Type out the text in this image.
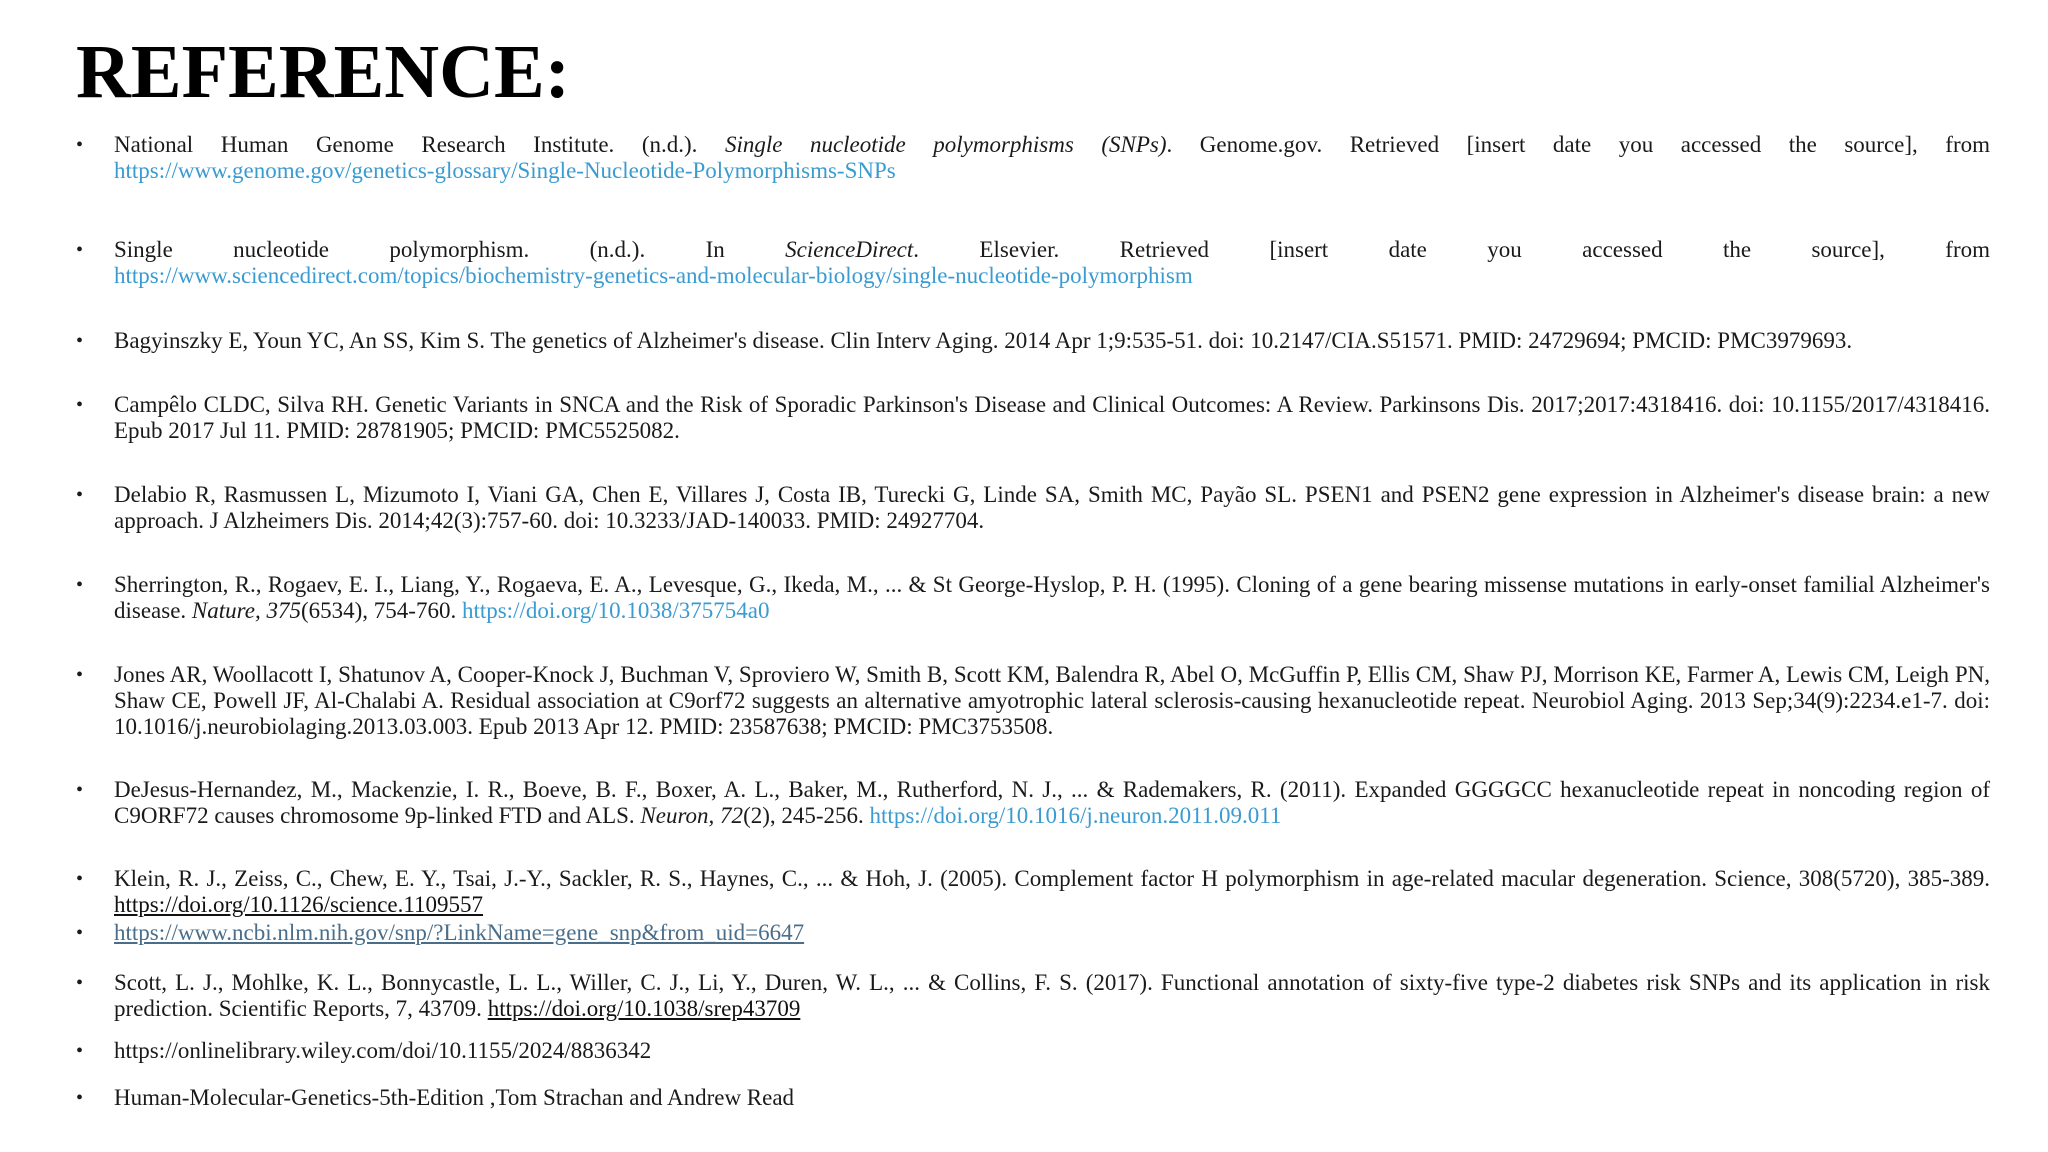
REFERENCE:
• National Human Genome Research Institute. (n.d.). Single nucleotide polymorphisms (SNPs). Genome.gov. Retrieved [insert date you accessed the source], from
https://www.genome.gov/genetics-glossary/Single-Nucleotide-Polymorphisms-SNPs
• Single nucleotide polymorphism. (n.d.). In	ScienceDirect. Elsevier. Retrieved [insert date you accessed the source], from
https://www.sciencedirect.com/topics/biochemistry-genetics-and-molecular-biology/single-nucleotide-polymorphism
• Bagyinszky E, Youn YC, An SS, Kim S. The genetics of Alzheimer's disease. Clin Interv Aging. 2014 Apr 1;9:535-51. doi: 10.2147/CIA.S51571. PMID: 24729694; PMCID: PMC3979693.
• Campêlo CLDC, Silva RH. Genetic Variants in SNCA and the Risk of Sporadic Parkinson's Disease and Clinical Outcomes: A Review. Parkinsons Dis. 2017;2017:4318416. doi: 10.1155/2017/4318416. Epub 2017 Jul 11. PMID: 28781905; PMCID: PMC5525082.
• Delabio R, Rasmussen L, Mizumoto I, Viani GA, Chen E, Villares J, Costa IB, Turecki G, Linde SA, Smith MC, Payão SL. PSEN1 and PSEN2 gene expression in Alzheimer's disease brain: a new approach. J Alzheimers Dis. 2014;42(3):757-60. doi: 10.3233/JAD-140033. PMID: 24927704.
• Sherrington, R., Rogaev, E. I., Liang, Y., Rogaeva, E. A., Levesque, G., Ikeda, M., ... & St George-Hyslop, P. H. (1995). Cloning of a gene bearing missense mutations in early-onset familial Alzheimer's disease. Nature, 375(6534), 754-760. https://doi.org/10.1038/375754a0
• Jones AR, Woollacott I, Shatunov A, Cooper-Knock J, Buchman V, Sproviero W, Smith B, Scott KM, Balendra R, Abel O, McGuffin P, Ellis CM, Shaw PJ, Morrison KE, Farmer A, Lewis CM, Leigh PN, Shaw CE, Powell JF, Al-Chalabi A. Residual association at C9orf72 suggests an alternative amyotrophic lateral sclerosis-causing hexanucleotide repeat. Neurobiol Aging. 2013 Sep;34(9):2234.e1-7. doi: 10.1016/j.neurobiolaging.2013.03.003. Epub 2013 Apr 12. PMID: 23587638; PMCID: PMC3753508.
• DeJesus-Hernandez, M., Mackenzie, I. R., Boeve, B. F., Boxer, A. L., Baker, M., Rutherford, N. J., ... & Rademakers, R. (2011). Expanded GGGGCC hexanucleotide repeat in noncoding region of C9ORF72 causes chromosome 9p-linked FTD and ALS. Neuron, 72(2), 245-256. https://doi.org/10.1016/j.neuron.2011.09.011
• Klein, R. J., Zeiss, C., Chew, E. Y., Tsai, J.-Y., Sackler, R. S., Haynes, C., ... & Hoh, J. (2005). Complement factor H polymorphism in age-related macular degeneration. Science, 308(5720), 385-389. https://doi.org/10.1126/science.1109557
• https://www.ncbi.nlm.nih.gov/snp/?LinkName=gene_snp&from_uid=6647
• Scott, L. J., Mohlke, K. L., Bonnycastle, L. L., Willer, C. J., Li, Y., Duren, W. L., ... & Collins, F. S. (2017). Functional annotation of sixty-five type-2 diabetes risk SNPs and its application in risk prediction. Scientific Reports, 7, 43709. https://doi.org/10.1038/srep43709
• https://onlinelibrary.wiley.com/doi/10.1155/2024/8836342
• Human-Molecular-Genetics-5th-Edition ,Tom Strachan and Andrew Read
